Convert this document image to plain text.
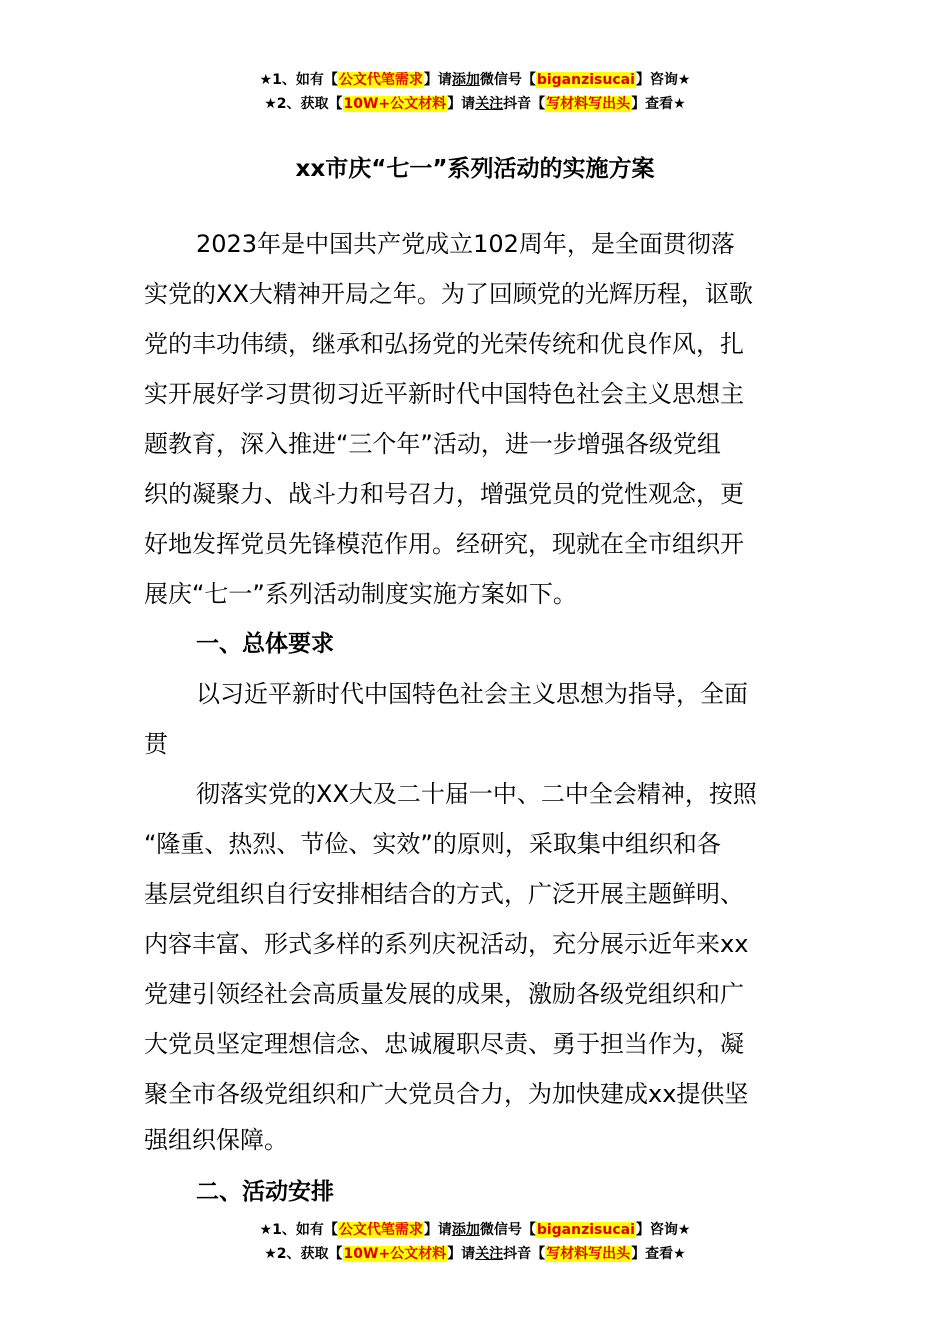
★1、如有【公文代笔需求】请添加微信号【biganzisucai】咨询★
★2、获取【10W+公文材料】请关注抖音【写材料写出头】查看★
xx市庆“七一”系列活动的实施方案
2023年是中国共产党成立102周年，是全面贯彻落
实党的XX大精神开局之年。为了回顾党的光辉历程，讴歌
党的丰功伟绩，继承和弘扬党的光荣传统和优良作风，扎
实开展好学习贯彻习近平新时代中国特色社会主义思想主
题教育，深入推进“三个年”活动，进一步增强各级党组
织的凝聚力、战斗力和号召力，增强党员的党性观念，更
好地发挥党员先锋模范作用。经研究，现就在全市组织开
展庆“七一”系列活动制度实施方案如下。
一、总体要求
以习近平新时代中国特色社会主义思想为指导，全面
贯
彻落实党的XX大及二十届一中、二中全会精神，按照
“隆重、热烈、节俭、实效”的原则，采取集中组织和各
基层党组织自行安排相结合的方式，广泛开展主题鲜明、
内容丰富、形式多样的系列庆祝活动，充分展示近年来xx
党建引领经社会高质量发展的成果，激励各级党组织和广
大党员坚定理想信念、忠诚履职尽责、勇于担当作为，凝
聚全市各级党组织和广大党员合力，为加快建成xx提供坚
强组织保障。
二、活动安排
★1、如有【公文代笔需求】请添加微信号【biganzisucai】咨询★
★2、获取【10W+公文材料】请关注抖音【写材料写出头】查看★
